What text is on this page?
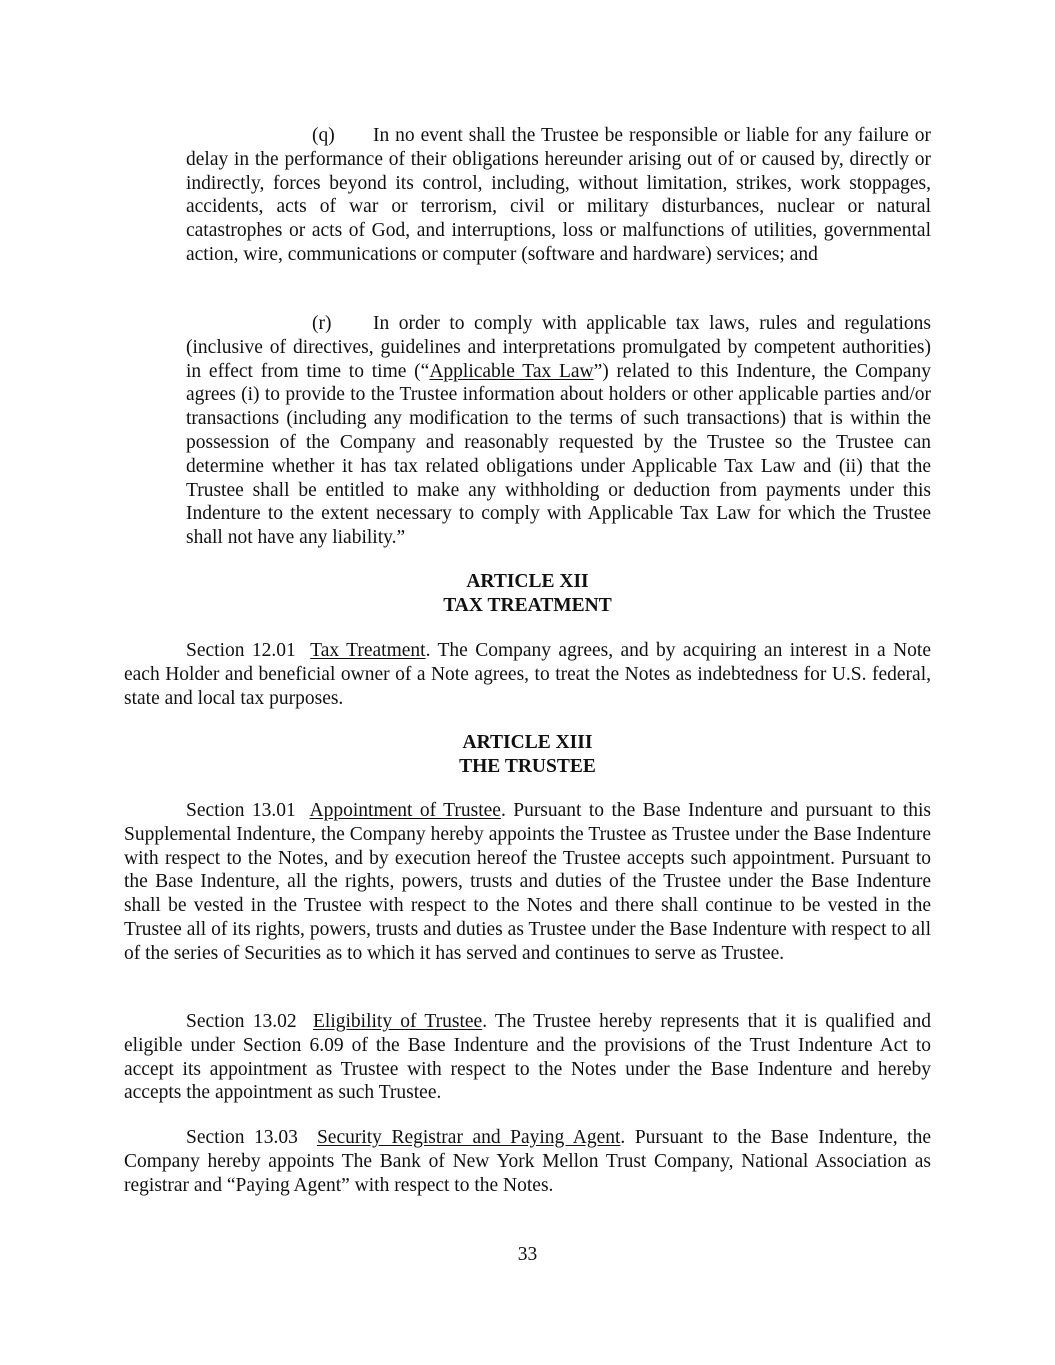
(q) In no event shall the Trustee be responsible or liable for any failure or delay in the performance of their obligations hereunder arising out of or caused by, directly or indirectly, forces beyond its control, including, without limitation, strikes, work stoppages, accidents, acts of war or terrorism, civil or military disturbances, nuclear or natural catastrophes or acts of God, and interruptions, loss or malfunctions of utilities, governmental action, wire, communications or computer (software and hardware) services; and

(r) In order to comply with applicable tax laws, rules and regulations (inclusive of directives, guidelines and interpretations promulgated by competent authorities) in effect from time to time (“Applicable Tax Law”) related to this Indenture, the Company agrees (i) to provide to the Trustee information about holders or other applicable parties and/or transactions (including any modification to the terms of such transactions) that is within the possession of the Company and reasonably requested by the Trustee so the Trustee can determine whether it has tax related obligations under Applicable Tax Law and (ii) that the Trustee shall be entitled to make any withholding or deduction from payments under this Indenture to the extent necessary to comply with Applicable Tax Law for which the Trustee shall not have any liability.”

ARTICLE XII
TAX TREATMENT

Section 12.01 Tax Treatment. The Company agrees, and by acquiring an interest in a Note each Holder and beneficial owner of a Note agrees, to treat the Notes as indebtedness for U.S. federal, state and local tax purposes.

ARTICLE XIII
THE TRUSTEE

Section 13.01 Appointment of Trustee. Pursuant to the Base Indenture and pursuant to this Supplemental Indenture, the Company hereby appoints the Trustee as Trustee under the Base Indenture with respect to the Notes, and by execution hereof the Trustee accepts such appointment. Pursuant to the Base Indenture, all the rights, powers, trusts and duties of the Trustee under the Base Indenture shall be vested in the Trustee with respect to the Notes and there shall continue to be vested in the Trustee all of its rights, powers, trusts and duties as Trustee under the Base Indenture with respect to all of the series of Securities as to which it has served and continues to serve as Trustee.

Section 13.02 Eligibility of Trustee. The Trustee hereby represents that it is qualified and eligible under Section 6.09 of the Base Indenture and the provisions of the Trust Indenture Act to accept its appointment as Trustee with respect to the Notes under the Base Indenture and hereby accepts the appointment as such Trustee.

Section 13.03 Security Registrar and Paying Agent. Pursuant to the Base Indenture, the Company hereby appoints The Bank of New York Mellon Trust Company, National Association as registrar and “Paying Agent” with respect to the Notes.

33
